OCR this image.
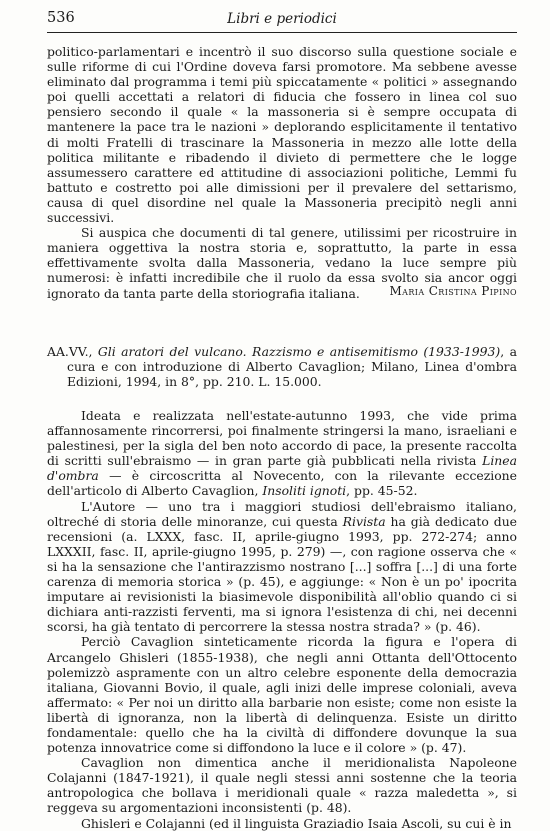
536	Libri e periodici

politico-parlamentari e incentrò il suo discorso sulla questione sociale e sulle riforme di cui l'Ordine doveva farsi promotore. Ma sebbene avesse eliminato dal programma i temi più spiccatamente « politici » assegnando poi quelli accettati a relatori di fiducia che fossero in linea col suo pensiero secondo il quale « la massoneria si è sempre occupata di mantenere la pace tra le nazioni » deplorando esplicitamente il tentativo di molti Fratelli di trascinare la Massoneria in mezzo alle lotte della politica militante e ribadendo il divieto di permettere che le logge assumessero carattere ed attitudine di associazioni politiche, Lemmi fu battuto e costretto poi alle dimissioni per il prevalere del settarismo, causa di quel disordine nel quale la Massoneria precipitò negli anni successivi.

Si auspica che documenti di tal genere, utilissimi per ricostruire in maniera oggettiva la nostra storia e, soprattutto, la parte in essa effettivamente svolta dalla Massoneria, vedano la luce sempre più numerosi: è infatti incredibile che il ruolo da essa svolto sia ancor oggi ignorato da tanta parte della storiografia italiana.	Maria Cristina Pipino
AA.VV., Gli aratori del vulcano. Razzismo e antisemitismo (1933-1993), a cura e con introduzione di Alberto Cavaglion; Milano, Linea d'ombra Edizioni, 1994, in 8°, pp. 210. L. 15.000.

Ideata e realizzata nell'estate-autunno 1993, che vide prima affannosamente rincorrersi, poi finalmente stringersi la mano, israeliani e palestinesi, per la sigla del ben noto accordo di pace, la presente raccolta di scritti sull'ebraismo — in gran parte già pubblicati nella rivista Linea d'ombra — è circoscritta al Novecento, con la rilevante eccezione dell'articolo di Alberto Cavaglion, Insoliti ignoti, pp. 45-52.

L'Autore — uno tra i maggiori studiosi dell'ebraismo italiano, oltreché di storia delle minoranze, cui questa Rivista ha già dedicato due recensioni (a. LXXX, fasc. II, aprile-giugno 1993, pp. 272-274; anno LXXXII, fasc. II, aprile-giugno 1995, p. 279) —, con ragione osserva che « si ha la sensazione che l'antirazzismo nostrano [...] soffra [...] di una forte carenza di memoria storica » (p. 45), e aggiunge: « Non è un po' ipocrita imputare ai revisionisti la biasimevole disponibilità all'oblio quando ci si dichiara anti-razzisti ferventi, ma si ignora l'esistenza di chi, nei decenni scorsi, ha già tentato di percorrere la stessa nostra strada? » (p. 46).

Perciò Cavaglion sinteticamente ricorda la figura e l'opera di Arcangelo Ghisleri (1855-1938), che negli anni Ottanta dell'Ottocento polemizzò aspramente con un altro celebre esponente della democrazia italiana, Giovanni Bovio, il quale, agli inizi delle imprese coloniali, aveva affermato: « Per noi un diritto alla barbarie non esiste; come non esiste la libertà di ignoranza, non la libertà di delinquenza. Esiste un diritto fondamentale: quello che ha la civiltà di diffondere dovunque la sua potenza innovatrice come si diffondono la luce e il colore » (p. 47).

Cavaglion non dimentica anche il meridionalista Napoleone Colajanni (1847-1921), il quale negli stessi anni sostenne che la teoria antropologica che bollava i meridionali quale « razza maledetta », si reggeva su argomentazioni inconsistenti (p. 48).

Ghisleri e Colajanni (ed il linguista Graziadio Isaia Ascoli, su cui è in
